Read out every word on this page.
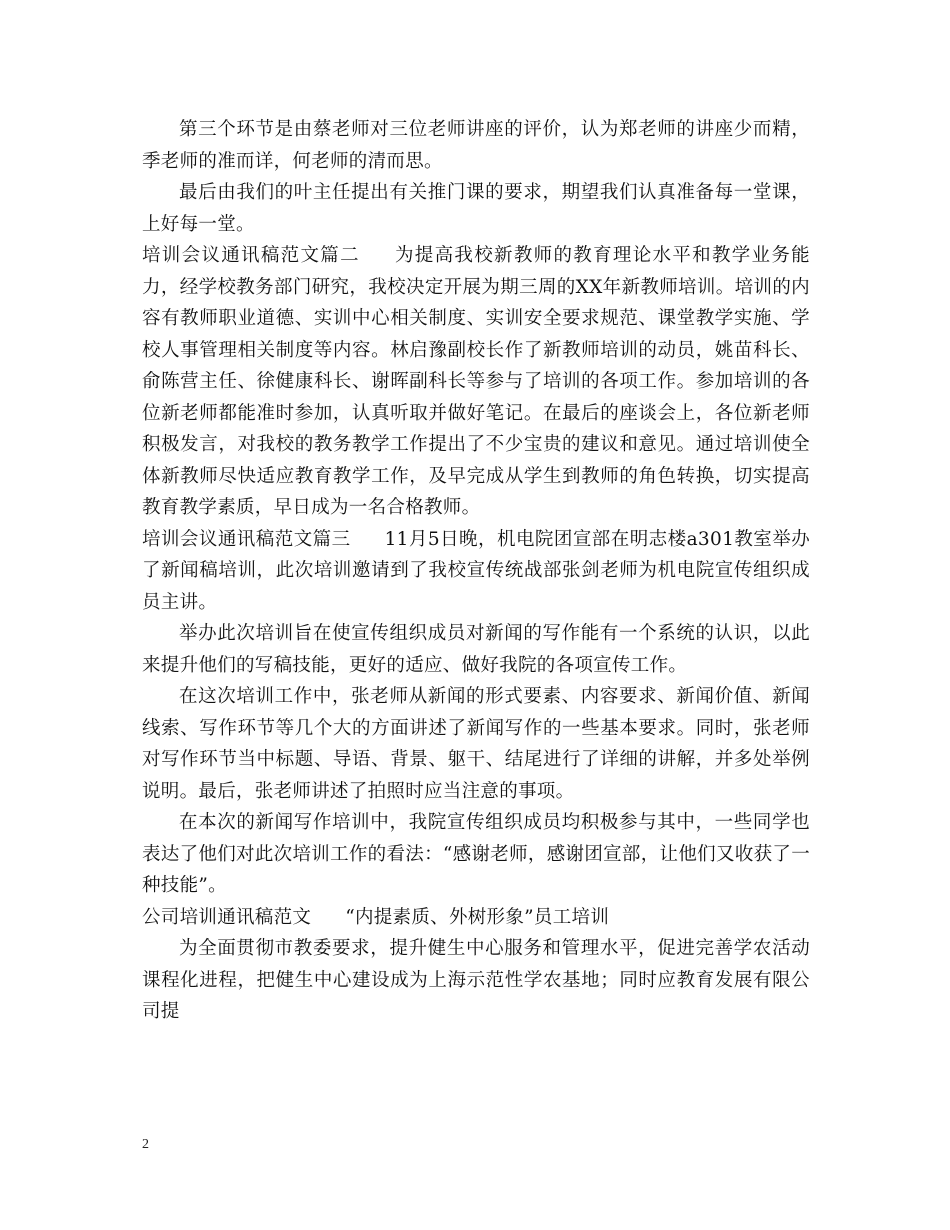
第三个环节是由蔡老师对三位老师讲座的评价，认为郑老师的讲座少而精，季老师的准而详，何老师的清而思。

最后由我们的叶主任提出有关推门课的要求，期望我们认真准备每一堂课，上好每一堂。

培训会议通讯稿范文篇二 为提高我校新教师的教育理论水平和教学业务能力，经学校教务部门研究，我校决定开展为期三周的XX年新教师培训。培训的内容有教师职业道德、实训中心相关制度、实训安全要求规范、课堂教学实施、学校人事管理相关制度等内容。林启豫副校长作了新教师培训的动员，姚苗科长、俞陈营主任、徐健康科长、谢晖副科长等参与了培训的各项工作。参加培训的各位新老师都能准时参加，认真听取并做好笔记。在最后的座谈会上，各位新老师积极发言，对我校的教务教学工作提出了不少宝贵的建议和意见。通过培训使全体新教师尽快适应教育教学工作，及早完成从学生到教师的角色转换，切实提高教育教学素质，早日成为一名合格教师。

培训会议通讯稿范文篇三 11月5日晚，机电院团宣部在明志楼a301教室举办了新闻稿培训，此次培训邀请到了我校宣传统战部张剑老师为机电院宣传组织成员主讲。

举办此次培训旨在使宣传组织成员对新闻的写作能有一个系统的认识，以此来提升他们的写稿技能，更好的适应、做好我院的各项宣传工作。

在这次培训工作中，张老师从新闻的形式要素、内容要求、新闻价值、新闻线索、写作环节等几个大的方面讲述了新闻写作的一些基本要求。同时，张老师对写作环节当中标题、导语、背景、躯干、结尾进行了详细的讲解，并多处举例说明。最后，张老师讲述了拍照时应当注意的事项。

在本次的新闻写作培训中，我院宣传组织成员均积极参与其中，一些同学也表达了他们对此次培训工作的看法：“感谢老师，感谢团宣部，让他们又收获了一种技能”。

公司培训通讯稿范文 “内提素质、外树形象”员工培训

为全面贯彻市教委要求，提升健生中心服务和管理水平，促进完善学农活动课程化进程，把健生中心建设成为上海示范性学农基地；同时应教育发展有限公司提

2
